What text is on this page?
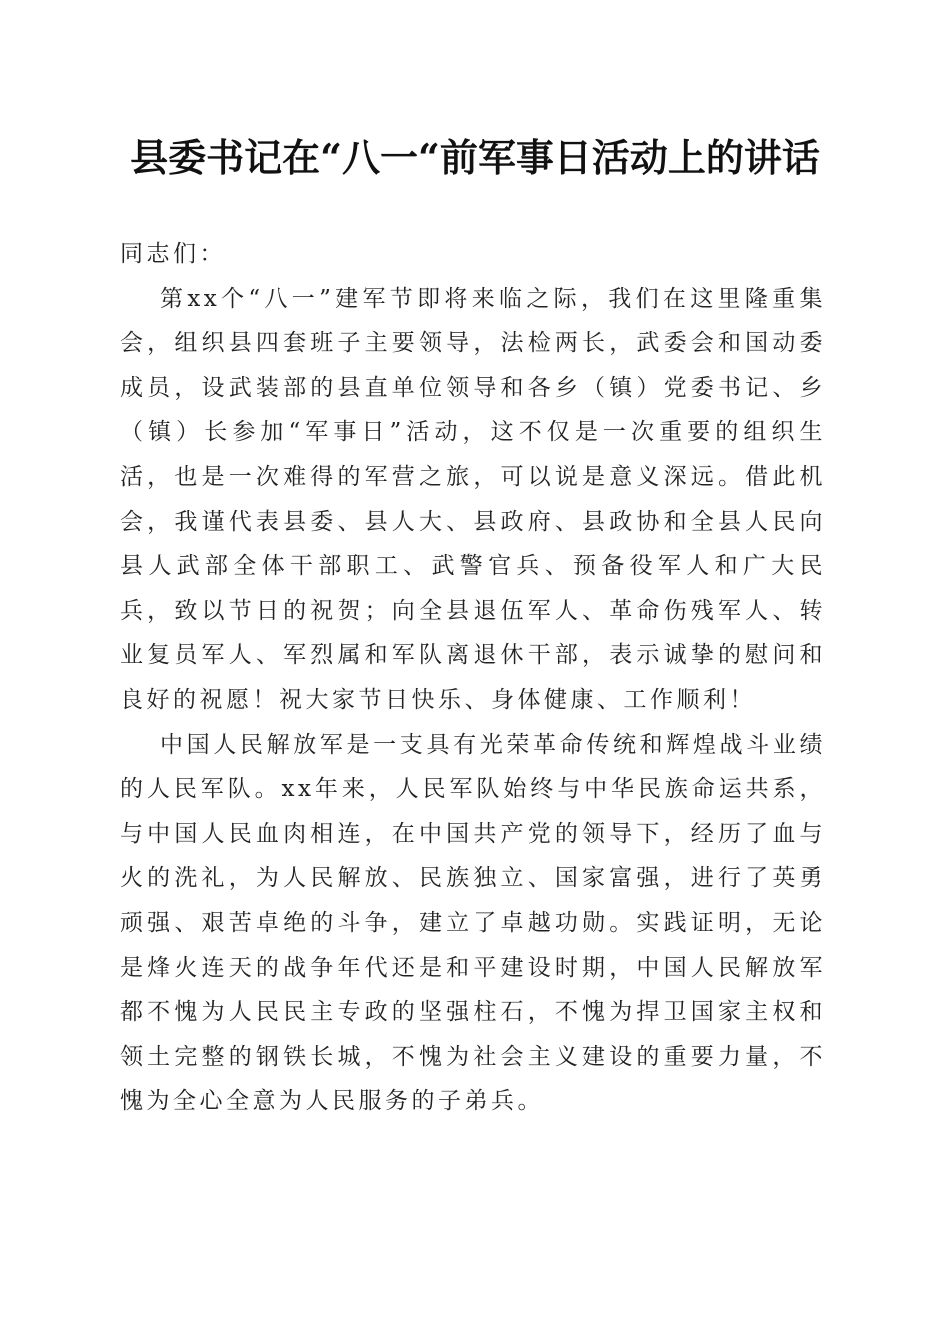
县委书记在“八一“前军事日活动上的讲话

同志们：

第xx个“八一”建军节即将来临之际，我们在这里隆重集会，组织县四套班子主要领导，法检两长，武委会和国动委成员，设武装部的县直单位领导和各乡（镇）党委书记、乡（镇）长参加“军事日”活动，这不仅是一次重要的组织生活，也是一次难得的军营之旅，可以说是意义深远。借此机会，我谨代表县委、县人大、县政府、县政协和全县人民向县人武部全体干部职工、武警官兵、预备役军人和广大民兵，致以节日的祝贺；向全县退伍军人、革命伤残军人、转业复员军人、军烈属和军队离退休干部，表示诚挚的慰问和良好的祝愿！祝大家节日快乐、身体健康、工作顺利！

中国人民解放军是一支具有光荣革命传统和辉煌战斗业绩的人民军队。xx年来，人民军队始终与中华民族命运共系，与中国人民血肉相连，在中国共产党的领导下，经历了血与火的洗礼，为人民解放、民族独立、国家富强，进行了英勇顽强、艰苦卓绝的斗争，建立了卓越功勋。实践证明，无论是烽火连天的战争年代还是和平建设时期，中国人民解放军都不愧为人民民主专政的坚强柱石，不愧为捍卫国家主权和领土完整的钢铁长城，不愧为社会主义建设的重要力量，不愧为全心全意为人民服务的子弟兵。
